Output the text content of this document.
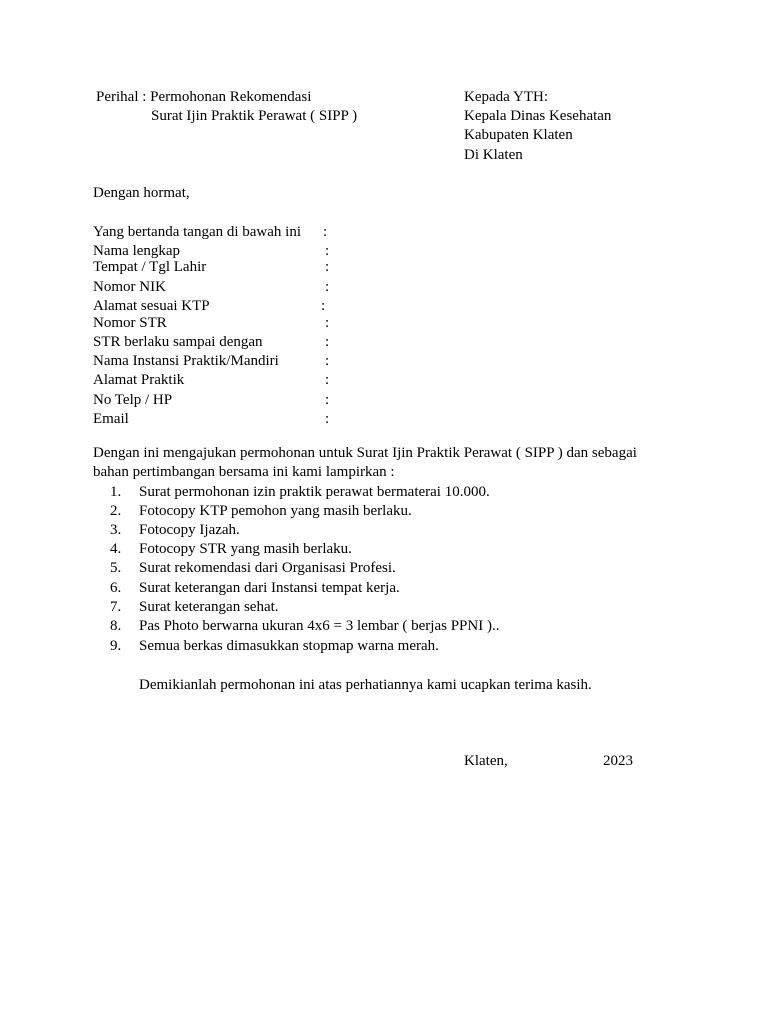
Perihal : Permohonan Rekomendasi
Surat Ijin Praktik Perawat ( SIPP )
Kepada YTH:
Kepala Dinas Kesehatan
Kabupaten Klaten
Di Klaten
Dengan hormat,
Yang bertanda tangan di bawah ini :
Nama lengkap	:
Tempat / Tgl Lahir	:
Nomor NIK	:
Alamat sesuai KTP	:
Nomor STR	:
STR berlaku sampai dengan	:
Nama Instansi Praktik/Mandiri	:
Alamat Praktik	:
No Telp / HP	:
Email	:
Dengan ini mengajukan permohonan untuk Surat Ijin Praktik Perawat ( SIPP ) dan sebagai
bahan pertimbangan bersama ini kami lampirkan :
1. Surat permohonan izin praktik perawat bermaterai 10.000.
2. Fotocopy KTP pemohon yang masih berlaku.
3. Fotocopy Ijazah.
4. Fotocopy STR yang masih berlaku.
5. Surat rekomendasi dari Organisasi Profesi.
6. Surat keterangan dari Instansi tempat kerja.
7. Surat keterangan sehat.
8. Pas Photo berwarna ukuran 4x6 = 3 lembar ( berjas PPNI )..
9. Semua berkas dimasukkan stopmap warna merah.
Demikianlah permohonan ini atas perhatiannya kami ucapkan terima kasih.
Klaten,	2023
